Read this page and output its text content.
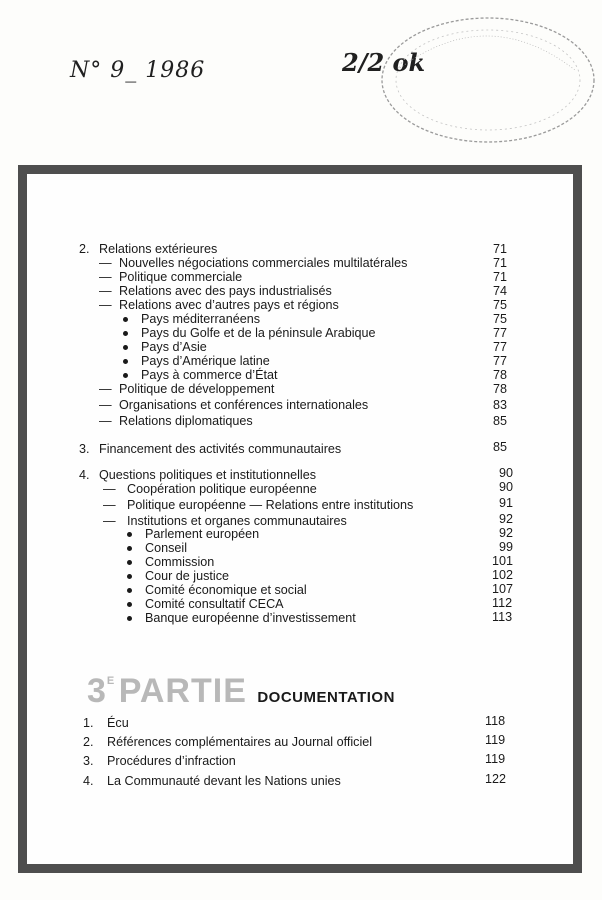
N° 9_ 1986	2/2 ok
2. Relations extérieures	71
— Nouvelles négociations commerciales multilatérales	71
— Politique commerciale	71
— Relations avec des pays industrialisés	74
— Relations avec d’autres pays et régions	75
Pays méditerranéens	75
Pays du Golfe et de la péninsule Arabique	77
Pays d’Asie	77
Pays d’Amérique latine	77
Pays à commerce d’État	78
— Politique de développement	78
— Organisations et conférences internationales	83
— Relations diplomatiques	85
3. Financement des activités communautaires	85
4. Questions politiques et institutionnelles	90
— Coopération politique européenne	90
— Politique européenne — Relations entre institutions	91
— Institutions et organes communautaires	92
Parlement européen	92
Conseil	99
Commission	101
Cour de justice	102
Comité économique et social	107
Comité consultatif CECA	112
Banque européenne d’investissement	113
$3^E$ PARTIE DOCUMENTATION
1. Écu	118
2. Références complémentaires au Journal officiel	119
3. Procédures d’infraction	119
4. La Communauté devant les Nations unies	122
